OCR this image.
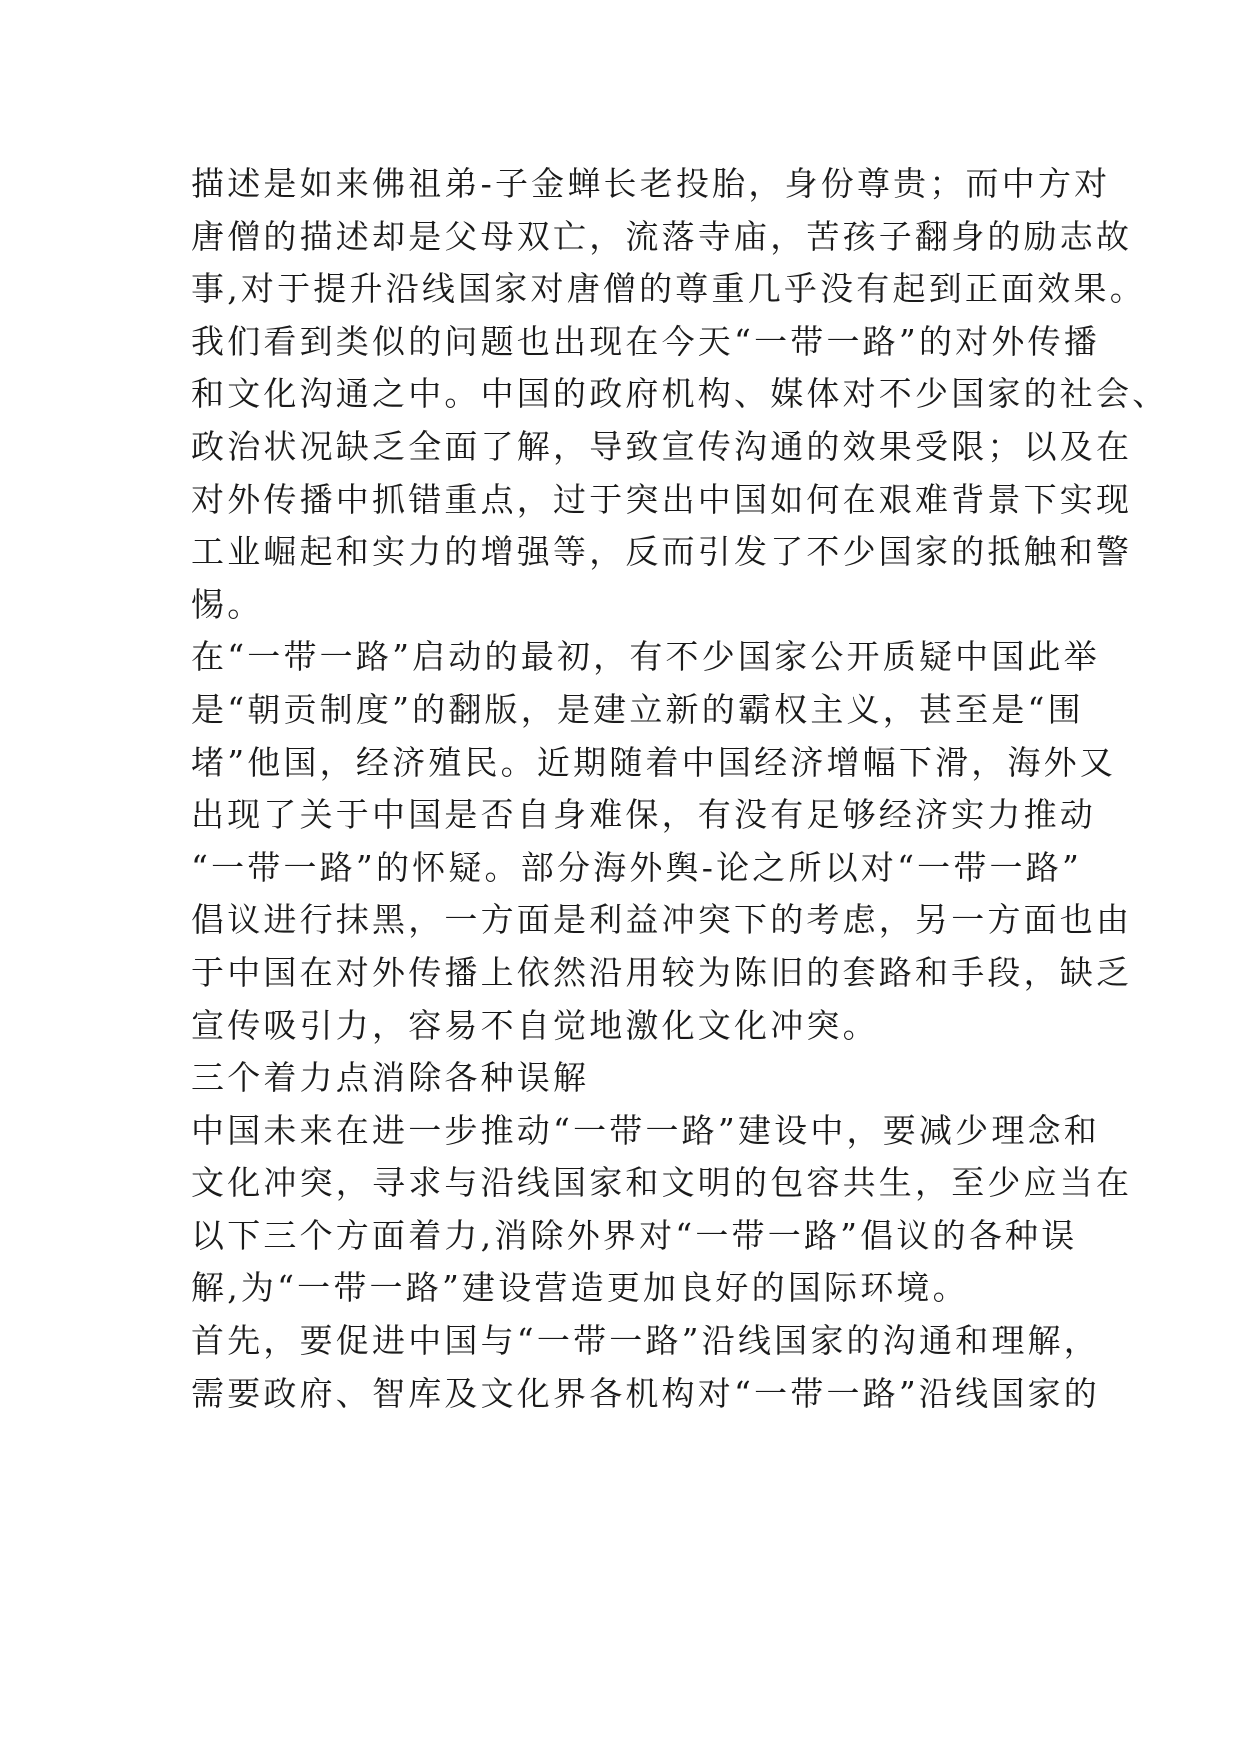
描述是如来佛祖弟-子金蝉长老投胎，身份尊贵；而中方对
唐僧的描述却是父母双亡，流落寺庙，苦孩子翻身的励志故
事,对于提升沿线国家对唐僧的尊重几乎没有起到正面效果。
我们看到类似的问题也出现在今天“一带一路”的对外传播
和文化沟通之中。中国的政府机构、媒体对不少国家的社会、
政治状况缺乏全面了解，导致宣传沟通的效果受限；以及在
对外传播中抓错重点，过于突出中国如何在艰难背景下实现
工业崛起和实力的增强等，反而引发了不少国家的抵触和警
惕。
在“一带一路”启动的最初，有不少国家公开质疑中国此举
是“朝贡制度”的翻版，是建立新的霸权主义，甚至是“围
堵”他国，经济殖民。近期随着中国经济增幅下滑，海外又
出现了关于中国是否自身难保，有没有足够经济实力推动
“一带一路”的怀疑。部分海外舆-论之所以对“一带一路”
倡议进行抹黑，一方面是利益冲突下的考虑，另一方面也由
于中国在对外传播上依然沿用较为陈旧的套路和手段，缺乏
宣传吸引力，容易不自觉地激化文化冲突。
三个着力点消除各种误解
中国未来在进一步推动“一带一路”建设中，要减少理念和
文化冲突，寻求与沿线国家和文明的包容共生，至少应当在
以下三个方面着力,消除外界对“一带一路”倡议的各种误
解,为“一带一路”建设营造更加良好的国际环境。
首先，要促进中国与“一带一路”沿线国家的沟通和理解，
需要政府、智库及文化界各机构对“一带一路”沿线国家的
